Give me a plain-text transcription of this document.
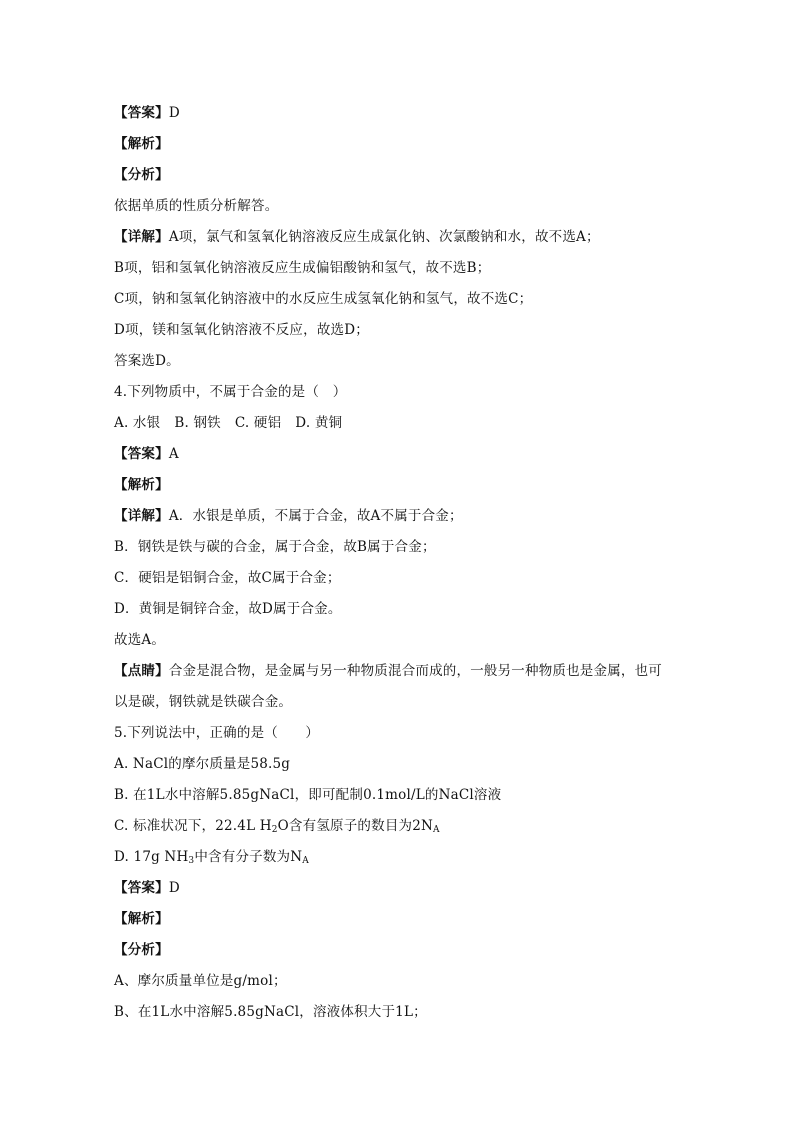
【答案】D
【解析】
【分析】
依据单质的性质分析解答。
【详解】A项，氯气和氢氧化钠溶液反应生成氯化钠、次氯酸钠和水，故不选A；
B项，铝和氢氧化钠溶液反应生成偏铝酸钠和氢气，故不选B；
C项，钠和氢氧化钠溶液中的水反应生成氢氧化钠和氢气，故不选C；
D项，镁和氢氧化钠溶液不反应，故选D；
答案选D。
4.下列物质中，不属于合金的是（　）
A. 水银 B. 钢铁 C. 硬铝 D. 黄铜
【答案】A
【解析】
【详解】A．水银是单质，不属于合金，故A不属于合金；
B．钢铁是铁与碳的合金，属于合金，故B属于合金；
C．硬铝是铝铜合金，故C属于合金；
D．黄铜是铜锌合金，故D属于合金。
故选A。
【点睛】合金是混合物，是金属与另一种物质混合而成的，一般另一种物质也是金属，也可
以是碳，钢铁就是铁碳合金。
5.下列说法中，正确的是（　　）
A. NaCl的摩尔质量是58.5g
B. 在1L水中溶解5.85gNaCl，即可配制0.1mol/L的NaCl溶液
C. 标准状况下，22.4L $H_2O$含有氢原子的数目为$2N_A$
D. 17g $NH_3$中含有分子数为$N_A$
【答案】D
【解析】
【分析】
A、摩尔质量单位是g/mol；
B、在1L水中溶解5.85gNaCl，溶液体积大于1L；
